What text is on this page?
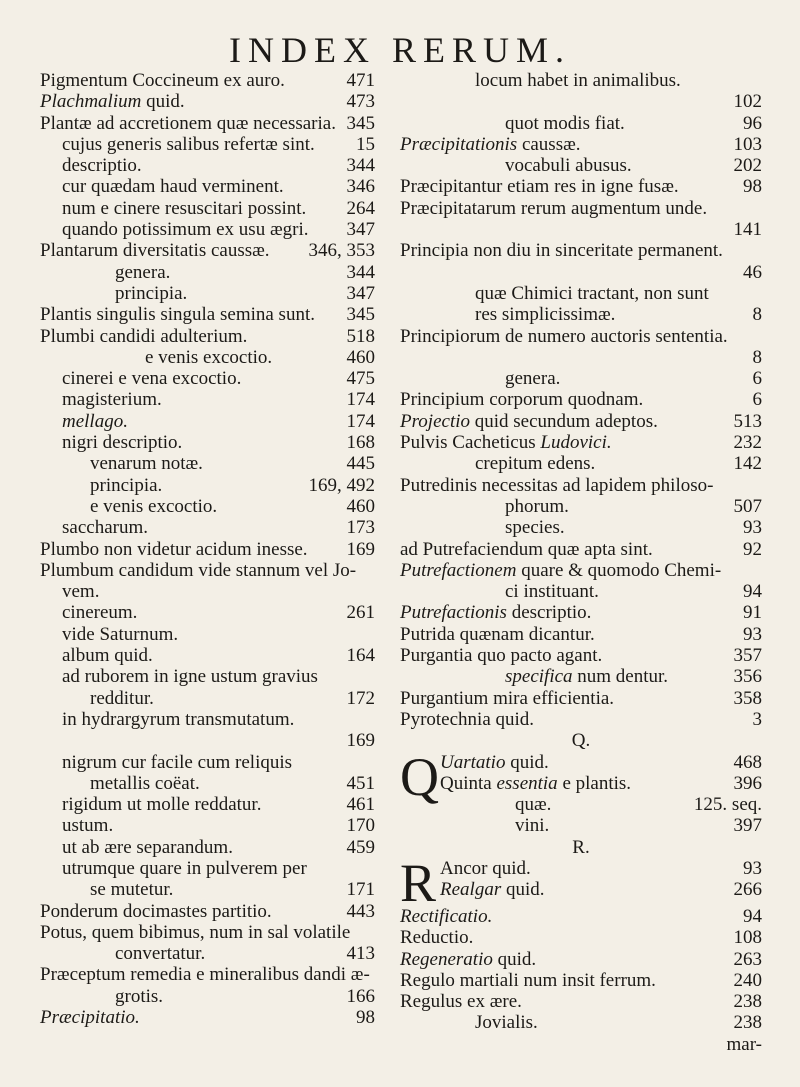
INDEX RERUM.
Pigmentum Coccineum ex auro.	471
Plachmalium quid.	473
Plantæ ad accretionem quæ necessaria. 345
cujus generis salibus refertæ sint. 15
descriptio.	344
cur quædam haud verminent.	346
num e cinere resuscitari possint. 264
quando potissimum ex usu ægri. 347
Plantarum diversitatis caussæ. 346, 353
genera.	344
principia.	347
Plantis singulis singula semina sunt. 345
Plumbi candidi adulterium.	518
e venis excoctio.	460
cinerei e vena excoctio.	475
magisterium.	174
mellago.	174
nigri descriptio.	168
venarum notæ.	445
principia.	169, 492
e venis excoctio.	460
saccharum.	173
Plumbo non videtur acidum inesse. 169
Plumbum candidum vide stannum vel Jo-
vem.
cinereum.	261
vide Saturnum.
album quid.	164
ad ruborem in igne ustum gravius
redditur.	172
in hydrargyrum transmutatum.
169
nigrum cur facile cum reliquis
metallis coëat.	451
rigidum ut molle reddatur.	461
ustum.	170
ut ab ære separandum.	459
utrumque quare in pulverem per
se mutetur.	171
Ponderum docimastes partitio.	443
Potus, quem bibimus, num in sal volatile
convertatur.	413
Præceptum remedia e mineralibus dandi æ-
grotis.	166
Præcipitatio.	98
locum habet in animalibus.
102
quot modis fiat.	96
Præcipitationis caussæ.	103
vocabuli abusus.	202
Præcipitantur etiam res in igne fusæ.	98
Præcipitatarum rerum augmentum unde.
141
Principia non diu in sinceritate permanent.
46
quæ Chimici tractant, non sunt
res simplicissimæ.	8
Principiorum de numero auctoris sententia.
8
genera.	6
Principium corporum quodnam.	6
Projectio quid secundum adeptos.	513
Pulvis Cacheticus Ludovici.	232
crepitum edens.	142
Putredinis necessitas ad lapidem philoso-
phorum.	507
species.	93
ad Putrefaciendum quæ apta sint.	92
Putrefactionem quare & quomodo Chemi-
ci instituant.	94
Putrefactionis descriptio.	91
Putrida quænam dicantur.	93
Purgantia quo pacto agant.	357
specifica num dentur.	356
Purgantium mira efficientia.	358
Pyrotechnia quid.	3
Q.
Q Uartatio quid.	468
Quinta essentia e plantis.	396
quæ.	125. seq.
vini.	397
R.
R Ancor quid.	93
Realgar quid.	266
Rectificatio.	94
Reductio.	108
Regeneratio quid.	263
Regulo martiali num insit ferrum.	240
Regulus ex ære.	238
Jovialis.	238
mar-
